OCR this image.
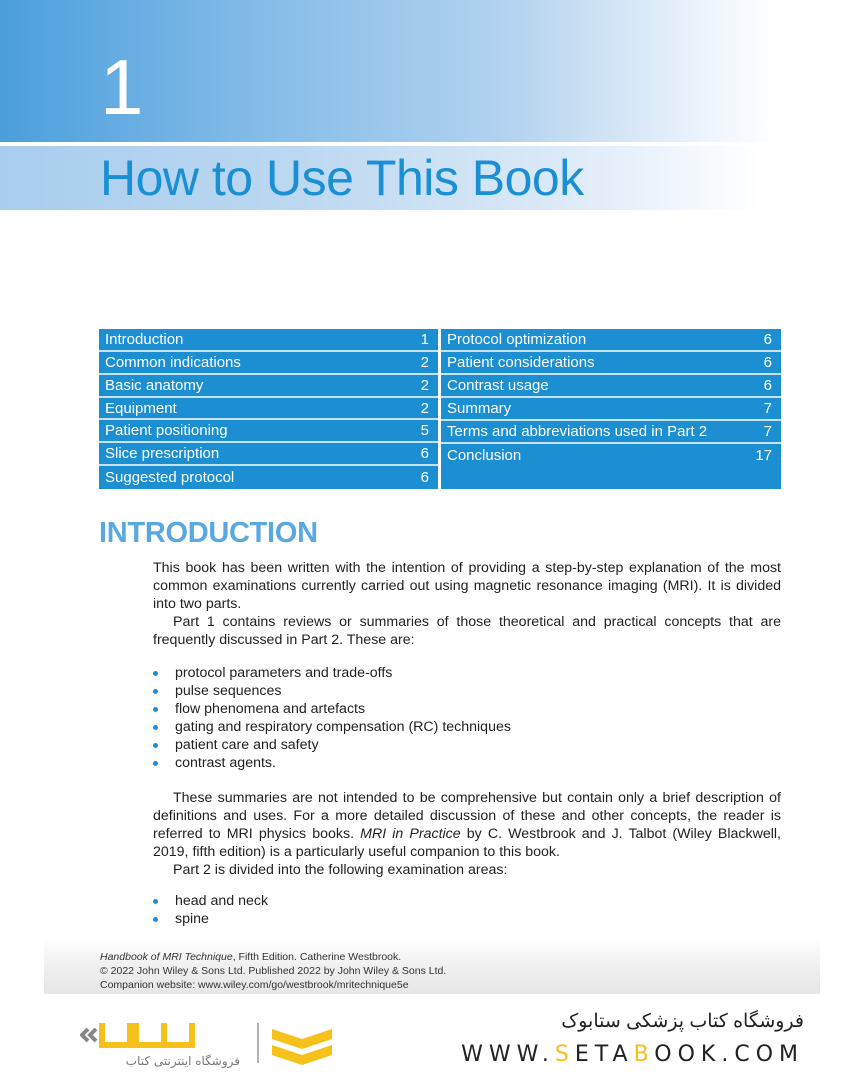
1
How to Use This Book
Introduction	1
Common indications	2
Basic anatomy	2
Equipment	2
Patient positioning	5
Slice prescription	6
Suggested protocol	6
Protocol optimization	6
Patient considerations	6
Contrast usage	6
Summary	7
Terms and abbreviations used in Part 2	7
Conclusion	17
INTRODUCTION

This book has been written with the intention of providing a step-by-step explanation of the most common examinations currently carried out using magnetic resonance imaging (MRI). It is divided into two parts.

Part 1 contains reviews or summaries of those theoretical and practical concepts that are frequently discussed in Part 2. These are:

protocol parameters and trade-offs
pulse sequences
flow phenomena and artefacts
gating and respiratory compensation (RC) techniques
patient care and safety
contrast agents.

These summaries are not intended to be comprehensive but contain only a brief description of definitions and uses. For a more detailed discussion of these and other concepts, the reader is referred to MRI physics books. MRI in Practice by C. Westbrook and J. Talbot (Wiley Blackwell, 2019, fifth edition) is a particularly useful companion to this book.

Part 2 is divided into the following examination areas:

head and neck
spine
Handbook of MRI Technique, Fifth Edition. Catherine Westbrook.
© 2022 John Wiley & Sons Ltd. Published 2022 by John Wiley & Sons Ltd.
Companion website: www.wiley.com/go/westbrook/mritechnique5e
فروشگاه اینترنتی کتاب
فروشگاه کتاب پزشکی ستابوک
WWW.SETABOOK.COM
